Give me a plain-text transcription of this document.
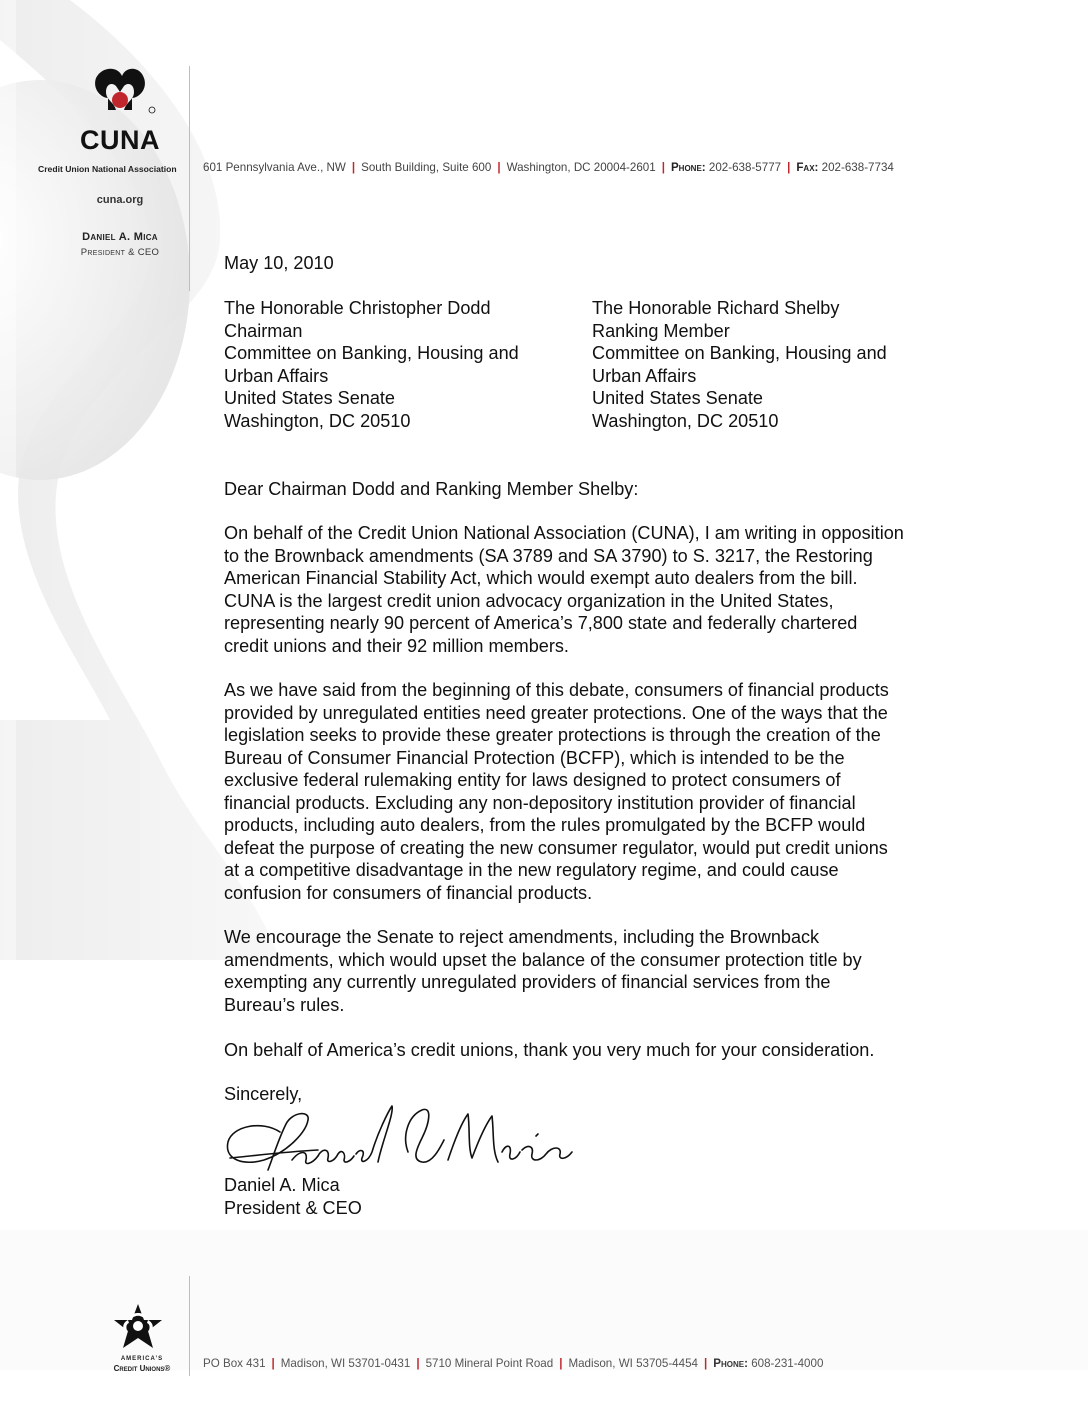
CUNA
Credit Union National Association
cuna.org
Daniel A. Mica
President & CEO
601 Pennsylvania Ave., NW | South Building, Suite 600 | Washington, DC 20004-2601 | Phone: 202-638-5777 | Fax: 202-638-7734
May 10, 2010
The Honorable Christopher Dodd
Chairman
Committee on Banking, Housing and
Urban Affairs
United States Senate
Washington, DC 20510
The Honorable Richard Shelby
Ranking Member
Committee on Banking, Housing and
Urban Affairs
United States Senate
Washington, DC 20510
Dear Chairman Dodd and Ranking Member Shelby:
On behalf of the Credit Union National Association (CUNA), I am writing in opposition
to the Brownback amendments (SA 3789 and SA 3790) to S. 3217, the Restoring
American Financial Stability Act, which would exempt auto dealers from the bill.
CUNA is the largest credit union advocacy organization in the United States,
representing nearly 90 percent of America’s 7,800 state and federally chartered
credit unions and their 92 million members.
As we have said from the beginning of this debate, consumers of financial products
provided by unregulated entities need greater protections. One of the ways that the
legislation seeks to provide these greater protections is through the creation of the
Bureau of Consumer Financial Protection (BCFP), which is intended to be the
exclusive federal rulemaking entity for laws designed to protect consumers of
financial products. Excluding any non-depository institution provider of financial
products, including auto dealers, from the rules promulgated by the BCFP would
defeat the purpose of creating the new consumer regulator, would put credit unions
at a competitive disadvantage in the new regulatory regime, and could cause
confusion for consumers of financial products.
We encourage the Senate to reject amendments, including the Brownback
amendments, which would upset the balance of the consumer protection title by
exempting any currently unregulated providers of financial services from the
Bureau’s rules.
On behalf of America’s credit unions, thank you very much for your consideration.
Sincerely,
Daniel A. Mica
President & CEO
AMERICA’S
Credit Unions®	PO Box 431 | Madison, WI 53701-0431 | 5710 Mineral Point Road | Madison, WI 53705-4454 | Phone: 608-231-4000
